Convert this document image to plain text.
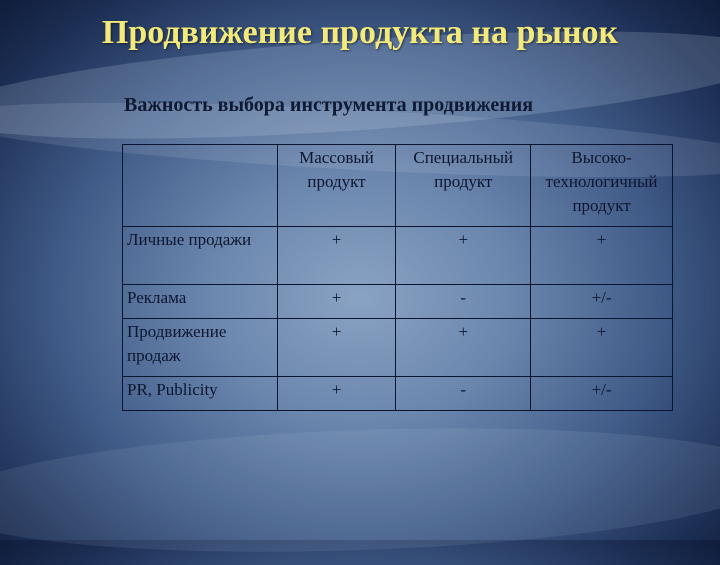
Продвижение продукта на рынок
Важность выбора инструмента продвижения
	Массовый продукт	Специальный продукт	Высоко-технологичный продукт
Личные продажи	+	+	+
Реклама	+	-	+/-
Продвижение продаж	+	+	+
PR, Publicity	+	-	+/-
